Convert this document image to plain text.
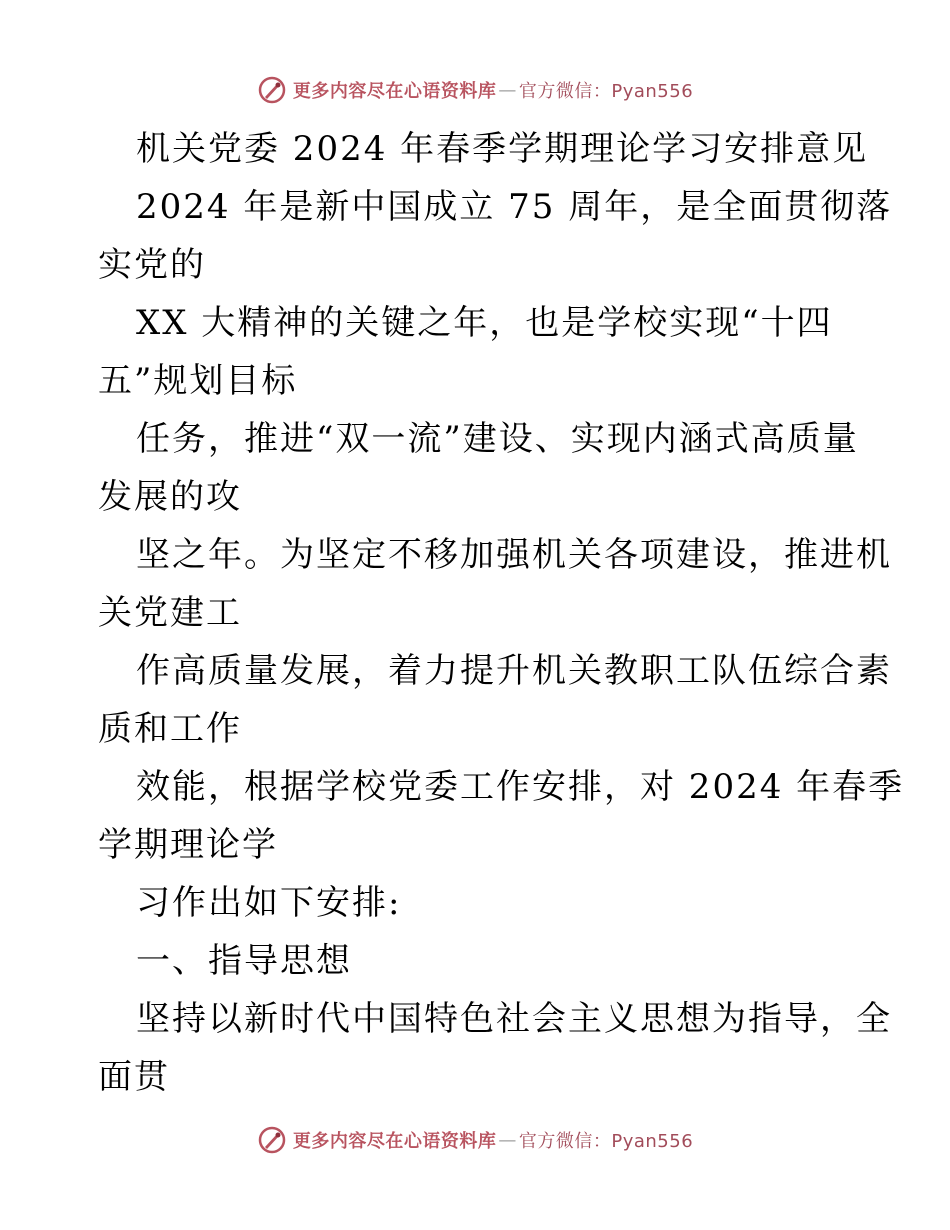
更多内容尽在心语资料库 — 官方微信：Pyan556
机关党委 2024 年春季学期理论学习安排意见
2024 年是新中国成立 75 周年，是全面贯彻落
实党的
XX 大精神的关键之年，也是学校实现“十四
五”规划目标
任务，推进“双一流”建设、实现内涵式高质量
发展的攻
坚之年。为坚定不移加强机关各项建设，推进机
关党建工
作高质量发展，着力提升机关教职工队伍综合素
质和工作
效能，根据学校党委工作安排，对 2024 年春季
学期理论学
习作出如下安排:
一、指导思想
坚持以新时代中国特色社会主义思想为指导，全
面贯
更多内容尽在心语资料库 — 官方微信：Pyan556
